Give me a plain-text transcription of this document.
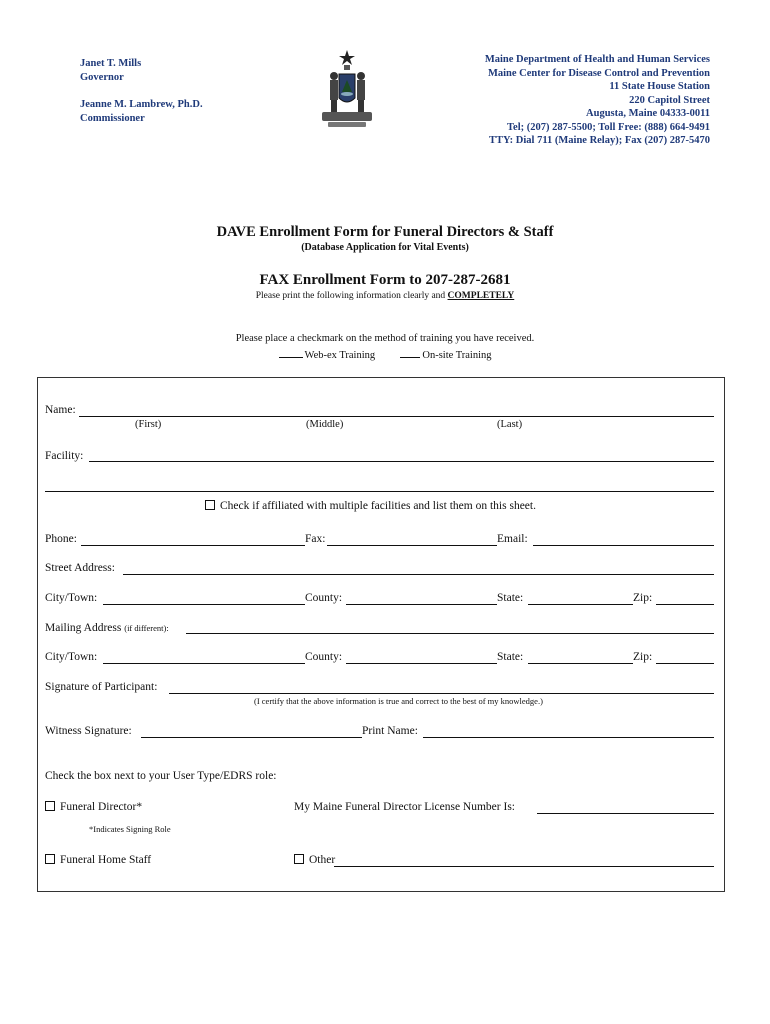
Janet T. Mills
Governor
Jeanne M. Lambrew, Ph.D.
Commissioner
Maine Department of Health and Human Services
Maine Center for Disease Control and Prevention
11 State House Station
220 Capitol Street
Augusta, Maine 04333-0011
Tel; (207) 287-5500; Toll Free: (888) 664-9491
TTY: Dial 711 (Maine Relay); Fax (207) 287-5470
DAVE Enrollment Form for Funeral Directors & Staff
(Database Application for Vital Events)
FAX Enrollment Form to 207-287-2681
Please print the following information clearly and COMPLETELY
Please place a checkmark on the method of training you have received.
Web-ex Training	On-site Training
Name:
(First)	(Middle)	(Last)
Facility:
Check if affiliated with multiple facilities and list them on this sheet.
Phone:	Fax:	Email:
Street Address:
City/Town:	County:	State:	Zip:
Mailing Address (if different):
City/Town:	County:	State:	Zip:
Signature of Participant:
(I certify that the above information is true and correct to the best of my knowledge.)
Witness Signature:	Print Name:
Check the box next to your User Type/EDRS role:
Funeral Director*	My Maine Funeral Director License Number Is:
*Indicates Signing Role
Funeral Home Staff	Other
